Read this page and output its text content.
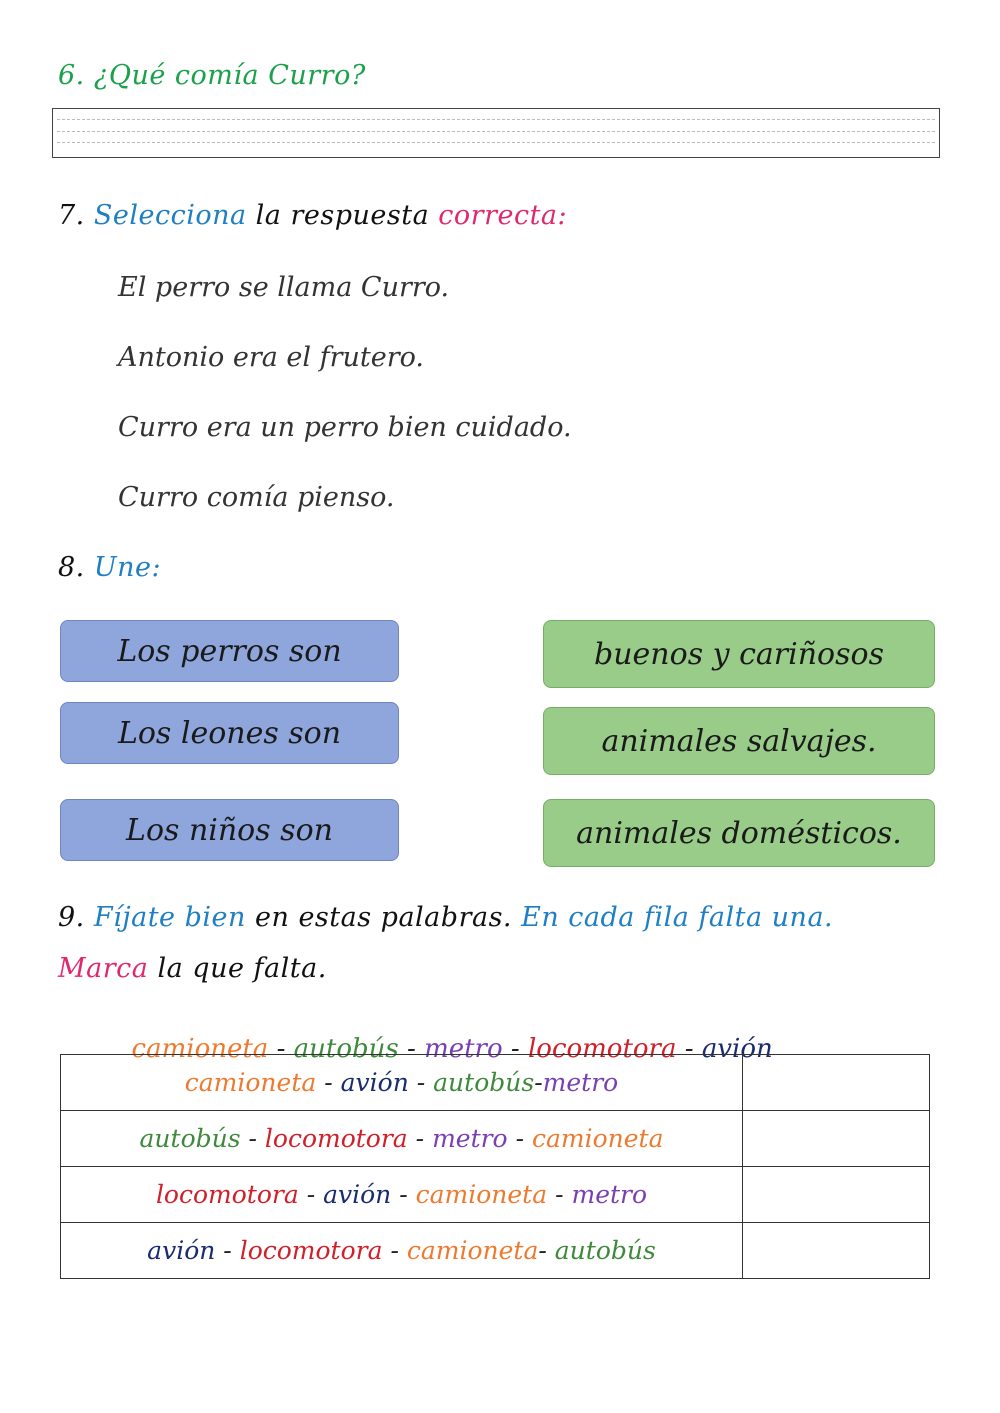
6. ¿Qué comía Curro?
7. Selecciona la respuesta correcta:
El perro se llama Curro.
Antonio era el frutero.
Curro era un perro bien cuidado.
Curro comía pienso.
8. Une:
Los perros son
Los leones son
Los niños son
buenos y cariñosos
animales salvajes.
animales domésticos.
9. Fíjate bien en estas palabras. En cada fila falta una.
Marca la que falta.

camioneta - autobús - metro - locomotora - avión

camioneta - avión - autobús-metro	
autobús - locomotora - metro - camioneta	
locomotora - avión - camioneta - metro	
avión - locomotora - camioneta- autobús	
